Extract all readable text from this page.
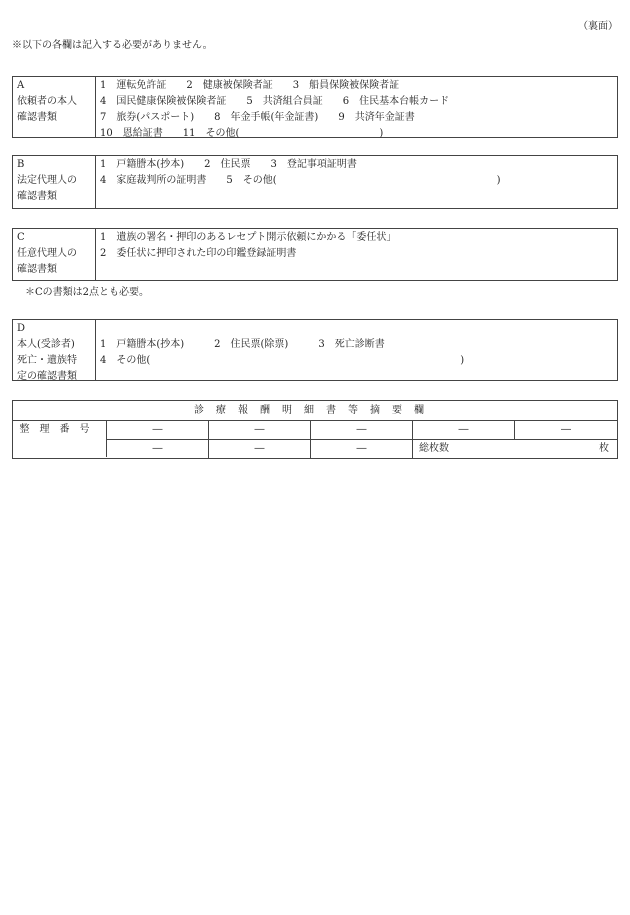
（裏面）
※以下の各欄は記入する必要がありません。
A
依頼者の本人
確認書類
1　運転免許証　　2　健康被保険者証　　3　船員保険被保険者証
4　国民健康保険被保険者証　　5　共済組合員証　　6　住民基本台帳カード
7　旅券(パスポート)　　8　年金手帳(年金証書)　　9　共済年金証書
10　恩給証書　　11　その他(　　　　　　　　　　　　　　)
B
法定代理人の
確認書類
1　戸籍謄本(抄本)　　2　住民票　　3　登記事項証明書
4　家庭裁判所の証明書　　5　その他(　　　　　　　　　　　　　　　　　　　　　　)
C
任意代理人の
確認書類
1　遺族の署名・押印のあるレセプト開示依頼にかかる「委任状」
2　委任状に押印された印の印鑑登録証明書
＊Cの書類は2点とも必要。
D
本人(受診者)
死亡・遺族特
定の確認書類
1　戸籍謄本(抄本)　　　2　住民票(除票)　　　3　死亡診断書
4　その他(　　　　　　　　　　　　　　　　　　　　　　　　　　　　　　　)
診療報酬明細書等摘要欄
整理番号	―	―	―	―	―
―	―	―	総枚数	枚
